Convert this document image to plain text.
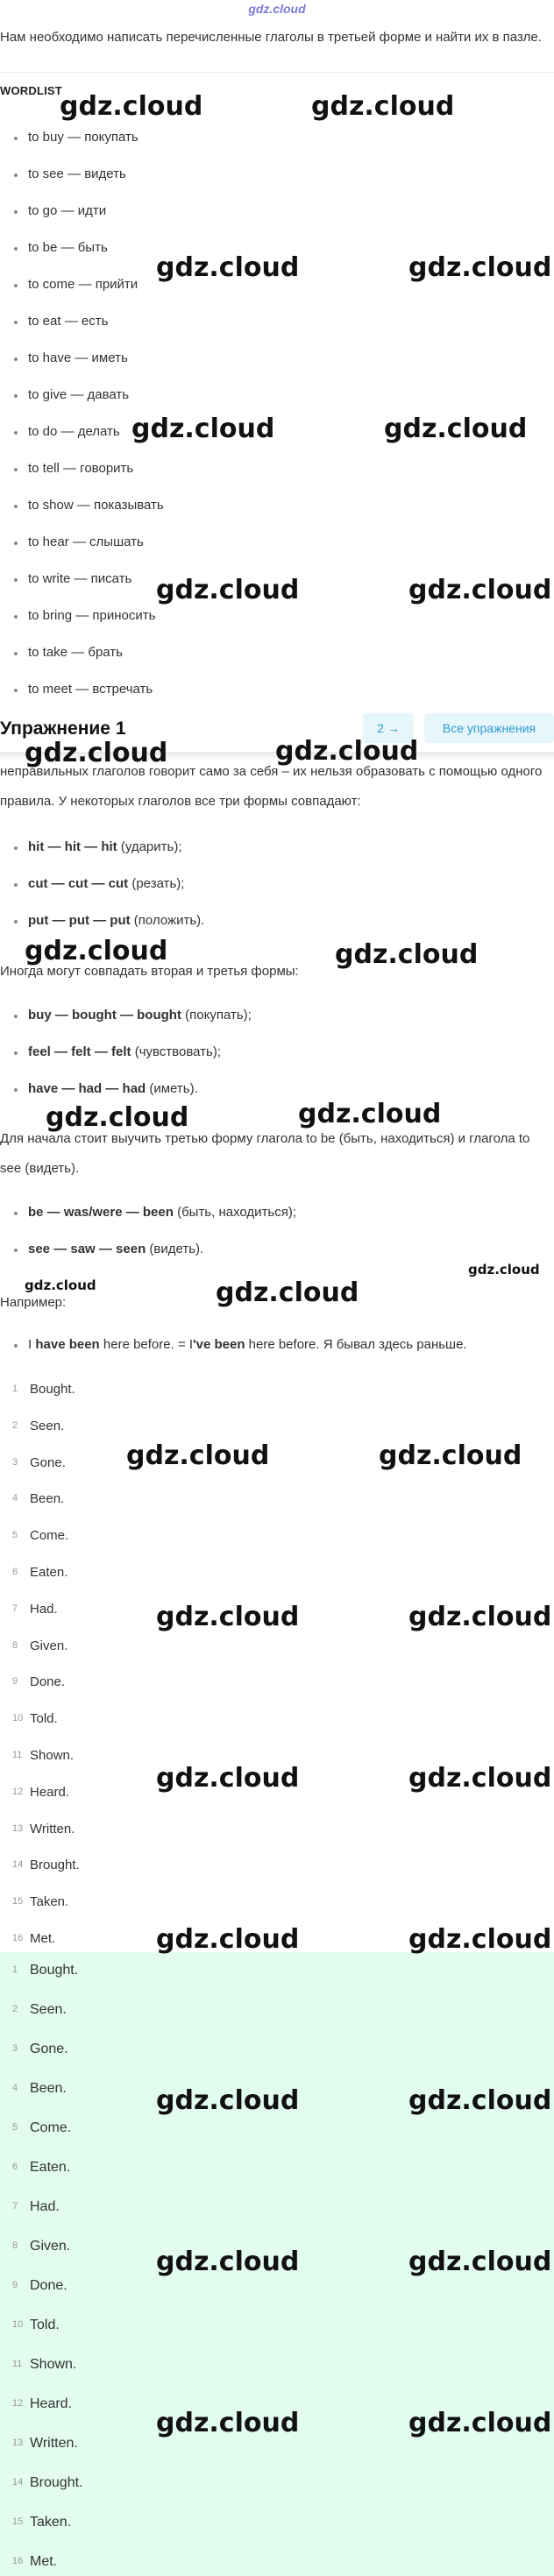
gdz.cloud
Нам необходимо написать перечисленные глаголы в третьей форме и найти их в пазле.
WORDLIST
to buy — покупать
to see — видеть
to go — идти
to be — быть
to come — прийти
to eat — есть
to have — иметь
to give — давать
to do — делать
to tell — говорить
to show — показывать
to hear — слышать
to write — писать
to bring — приносить
to take — брать
to meet — встречать
Упражнение 1	2 →	Все упражнения
неправильных глаголов говорит само за себя – их нельзя образовать с помощью одного правила. У некоторых глаголов все три формы совпадают:
hit — hit — hit (ударить);
cut — cut — cut (резать);
put — put — put (положить).
Иногда могут совпадать вторая и третья формы:
buy — bought — bought (покупать);
feel — felt — felt (чувствовать);
have — had — had (иметь).
Для начала стоит выучить третью форму глагола to be (быть, находиться) и глагола to see (видеть).
be — was/were — been (быть, находиться);
see — saw — seen (видеть).
Например:
I have been here before. = I've been here before. Я бывал здесь раньше.
1 Bought.
2 Seen.
3 Gone.
4 Been.
5 Come.
6 Eaten.
7 Had.
8 Given.
9 Done.
10 Told.
11 Shown.
12 Heard.
13 Written.
14 Brought.
15 Taken.
16 Met.
1 Bought.
2 Seen.
3 Gone.
4 Been.
5 Come.
6 Eaten.
7 Had.
8 Given.
9 Done.
10 Told.
11 Shown.
12 Heard.
13 Written.
14 Brought.
15 Taken.
16 Met.
gdz.cloud	gdz.cloud
gdz.cloud	gdz.cloud
gdz.cloud	gdz.cloud
gdz.cloud	gdz.cloud
gdz.cloud	gdz.cloud
gdz.cloud	gdz.cloud
gdz.cloud	gdz.cloud
gdz.cloud	gdz.cloud
gdz.cloud
gdz.cloud	gdz.cloud
gdz.cloud	gdz.cloud
gdz.cloud	gdz.cloud
gdz.cloud	gdz.cloud
gdz.cloud	gdz.cloud
gdz.cloud	gdz.cloud
gdz.cloud	gdz.cloud
